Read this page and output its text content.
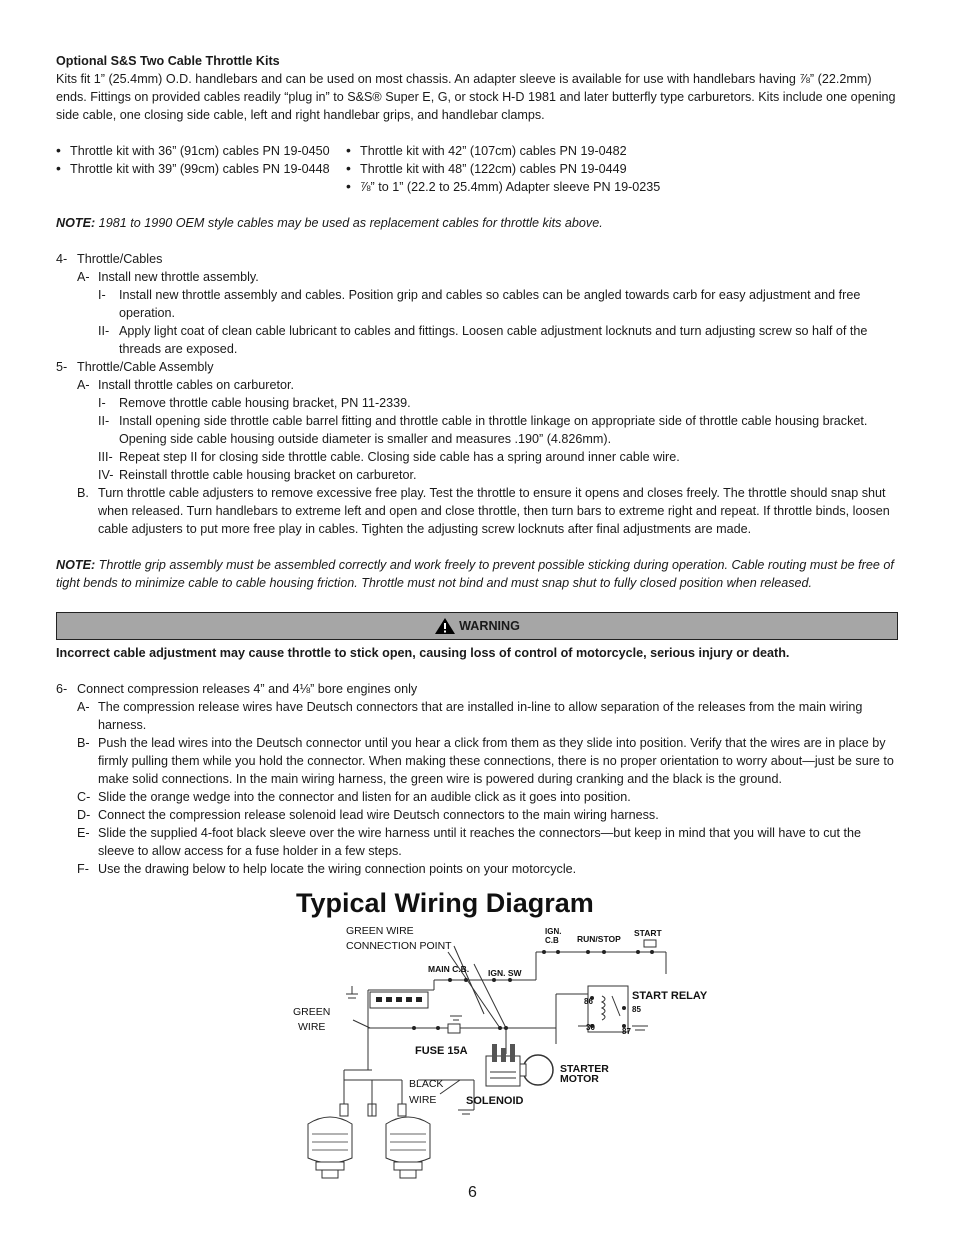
Optional S&S Two Cable Throttle Kits

Kits fit 1” (25.4mm) O.D. handlebars and can be used on most chassis. An adapter sleeve is available for use with handlebars having ⅞” (22.2mm) ends. Fittings on provided cables readily “plug in” to S&S® Super E, G, or stock H-D 1981 and later butterfly type carburetors. Kits include one opening side cable, one closing side cable, left and right handlebar grips, and handlebar clamps.

• Throttle kit with 36” (91cm) cables PN 19-0450
• Throttle kit with 39” (99cm) cables PN 19-0448
• Throttle kit with 42” (107cm) cables PN 19-0482
• Throttle kit with 48” (122cm) cables PN 19-0449
• ⅞” to 1” (22.2 to 25.4mm) Adapter sleeve PN 19-0235

NOTE: 1981 to 1990 OEM style cables may be used as replacement cables for throttle kits above.

4- Throttle/Cables
A- Install new throttle assembly.
I-	Install new throttle assembly and cables. Position grip and cables so cables can be angled towards carb for easy adjustment and free operation.
II- Apply light coat of clean cable lubricant to cables and fittings. Loosen cable adjustment locknuts and turn adjusting screw so half of the threads are exposed.
5- Throttle/Cable Assembly
A- Install throttle cables on carburetor.
I-	Remove throttle cable housing bracket, PN 11-2339.
II- Install opening side throttle cable barrel fitting and throttle cable in throttle linkage on appropriate side of throttle cable housing bracket. Opening side cable housing outside diameter is smaller and measures .190” (4.826mm).
III- Repeat step II for closing side throttle cable. Closing side cable has a spring around inner cable wire.
IV- Reinstall throttle cable housing bracket on carburetor.
B. Turn throttle cable adjusters to remove excessive free play. Test the throttle to ensure it opens and closes freely. The throttle should snap shut when released. Turn handlebars to extreme left and open and close throttle, then turn bars to extreme right and repeat. If throttle binds, loosen cable adjusters to put more free play in cables. Tighten the adjusting screw locknuts after final adjustments are made.

NOTE: Throttle grip assembly must be assembled correctly and work freely to prevent possible sticking during operation. Cable routing must be free of tight bends to minimize cable to cable housing friction. Throttle must not bind and must snap shut to fully closed position when released.

WARNING
Incorrect cable adjustment may cause throttle to stick open, causing loss of control of motorcycle, serious injury or death.
6- Connect compression releases 4” and 4⅛” bore engines only
A- The compression release wires have Deutsch connectors that are installed in-line to allow separation of the releases from the main wiring harness.
B- Push the lead wires into the Deutsch connector until you hear a click from them as they slide into position. Verify that the wires are in place by firmly pulling them while you hold the connector. When making these connections, there is no proper orientation to worry about—just be sure to make solid connections. In the main wiring harness, the green wire is powered during cranking and the black is the ground.
C- Slide the orange wedge into the connector and listen for an audible click as it goes into position.
D- Connect the compression release solenoid lead wire Deutsch connectors to the main wiring harness.
E- Slide the supplied 4-foot black sleeve over the wire harness until it reaches the connectors—but keep in mind that you will have to cut the sleeve to allow access for a fuse holder in a few steps.
F- Use the drawing below to help locate the wiring connection points on your motorcycle.
Typical Wiring Diagram
GREEN WIRE
CONNECTION POINT
IGN.
C.B RUN/STOP
START
MAIN C.B. IGN. SW
START RELAY
86
85
30	87
GREEN
WIRE
FUSE 15A
STARTER
MOTOR
BLACK
WIRE	SOLENOID
6
